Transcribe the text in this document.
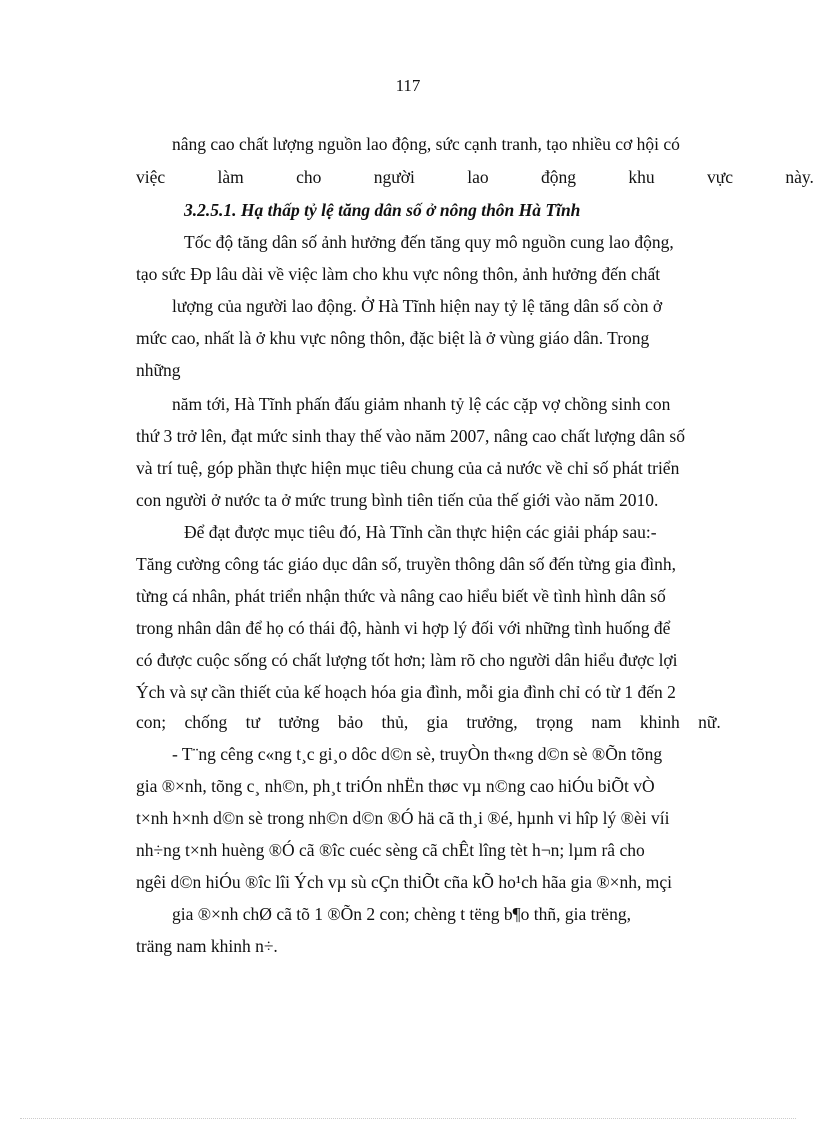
117
nâng cao chất lượng nguồn lao động, sức cạnh tranh, tạo nhiều cơ hội có
việc làm cho người lao động khu vực này.
3.2.5.1. Hạ thấp tỷ lệ tăng dân số ở nông thôn Hà Tĩnh
Tốc độ tăng dân số ảnh hưởng đến tăng quy mô nguồn cung lao động,
tạo sức Ðp lâu dài về việc làm cho khu vực nông thôn, ảnh hưởng đến chất
lượng của người lao động. Ở Hà Tĩnh hiện nay tỷ lệ tăng dân số còn ở
mức cao, nhất là ở khu vực nông thôn, đặc biệt là ở vùng giáo dân. Trong
những
năm tới, Hà Tĩnh phấn đấu giảm nhanh tỷ lệ các cặp vợ chồng sinh con
thứ 3 trở lên, đạt mức sinh thay thế vào năm 2007, nâng cao chất lượng dân số
và trí tuệ, góp phần thực hiện mục tiêu chung của cả nước về chỉ số phát triển
con người ở nước ta ở mức trung bình tiên tiến của thế giới vào năm 2010.
Để đạt được mục tiêu đó, Hà Tĩnh cần thực hiện các giải pháp sau:-
Tăng cường công tác giáo dục dân số, truyền thông dân số đến từng gia đình,
từng cá nhân, phát triển nhận thức và nâng cao hiểu biết về tình hình dân số
trong nhân dân để họ có thái độ, hành vi hợp lý đối với những tình huống để
có được cuộc sống có chất lượng tốt hơn; làm rõ cho người dân hiểu được lợi
Ých và sự cần thiết của kế hoạch hóa gia đình, mỗi gia đình chỉ có từ 1 đến 2
con; chống tư tưởng bảo thủ, gia trưởng, trọng nam khinh nữ.
- T¨ng cêng c«ng t¸c gi¸o dôc d©n sè, truyÒn th«ng d©n sè ®Õn tõng
gia ®×nh, tõng c¸ nh©n, ph¸t triÓn nhËn thøc vµ n©ng cao hiÓu biÕt vÒ
t×nh h×nh d©n sè trong nh©n d©n ®Ó hä cã th¸i ®é, hµnh vi hîp lý ®èi víi
nh÷ng t×nh huèng ®Ó cã ®îc cuéc sèng cã chÊt lîng tèt h¬n; lµm râ cho
ngêi d©n hiÓu ®îc lîi Ých vµ sù cÇn thiÕt cña kÕ ho¹ch hãa gia ®×nh, mçi
gia ®×nh chØ cã tõ 1 ®Õn 2 con; chèng t tëng b¶o thñ, gia trëng,
träng nam khinh n÷.
